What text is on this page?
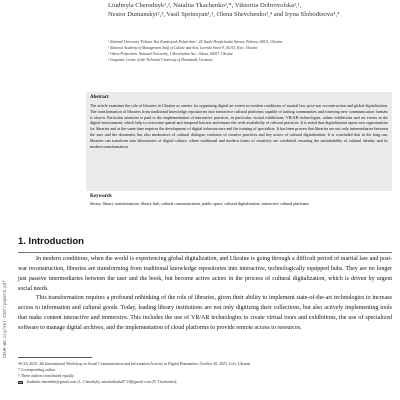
Liudmyla Chereduyk¹,², Nataliia Tkachenko²,*, Viktoriia Dobrovolska²,¹,
Nestor Dumanskyi²,³, Vasil Sprinsyan¹,³, Olena Shevchenko²,⁴ and Iryna Slobodtsova⁴,⁴
¹ National University 'Poltava Yuri Kondratyuk Polytechnic', 24 Vasilii Hryshchenko Avenue, Poltava, 36011, Ukraine
² National Academy of Management Staff of Culture and Arts, Lavrska Street 9, 01015, Kyiv, Ukraine
³ Odesa Polytechnic National University, 1 Shevchenko Ave., Odesa, 65037, Ukraine
⁴ Linguistic Center of the Technical University of Darmstadt, Germany
Abstract
The article examines the role of libraries in Ukraine as centers for organizing digital art events in modern conditions of martial law, post-war reconstruction and global digitalization. The transformation of libraries from traditional knowledge repositories into interactive cultural platforms capable of uniting communities and fostering new communication formats is shown. Particular attention is paid to the implementation of innovative practices, in particular, virtual exhibitions, VR/AR technologies, online exhibitions and art events in the digital environment, which help to overcome spatial and temporal barriers and ensure the wide availability of cultural practices. It is noted that digitalization opens new opportunities for libraries and at the same time requires the development of digital infrastructure and the training of specialists. It has been proven that libraries are not only intermediaries between the user and the document, but also moderators of cultural dialogue, initiators of creative practices and key actors of cultural digitalization. It is concluded that in the long run, libraries can transform into laboratories of digital culture, where traditional and modern forms of creativity are combined, ensuring the sustainability of cultural identity and its modern transformation.
Keywords
library, library transformation, library hub, cultural communication, public space, cultural digitalization, interactive cultural platforms
CEUR-WS.org/Vol-4107/paper8.pdf
1. Introduction

In modern conditions, when the world is experiencing global digitalization, and Ukraine is going through a difficult period of martial law and post-war reconstruction, libraries are transforming from traditional knowledge repositories into interactive, technologically equipped hubs. They are no longer just passive intermediaries between the user and the book, but become active actors in the process of cultural digitalization, which is driven by urgent social needs.

This transformation requires a profound rethinking of the role of libraries, given their ability to implement state-of-the-art technologies to increase access to information and cultural goods. Today, leading library institutions are not only digitizing their collections, but also actively implementing tools that make content interactive and immersive. This includes the use of VR/AR technologies to create virtual tours and exhibitions, the use of specialized software to manage digital archives, and the implementation of cloud platforms to provide remote access to resources.

¹SCIA-2025: 4th International Workshop on Social Communication and Information Activity in Digital Humanities, October 30, 2025, Lviv, Ukraine
* Corresponding author.
† These authors contributed equally.
liudmila.cherednik@gmail.com (L. Cheredyk); natashatkalia87.18@gmail.com (N. Tkachenko);
